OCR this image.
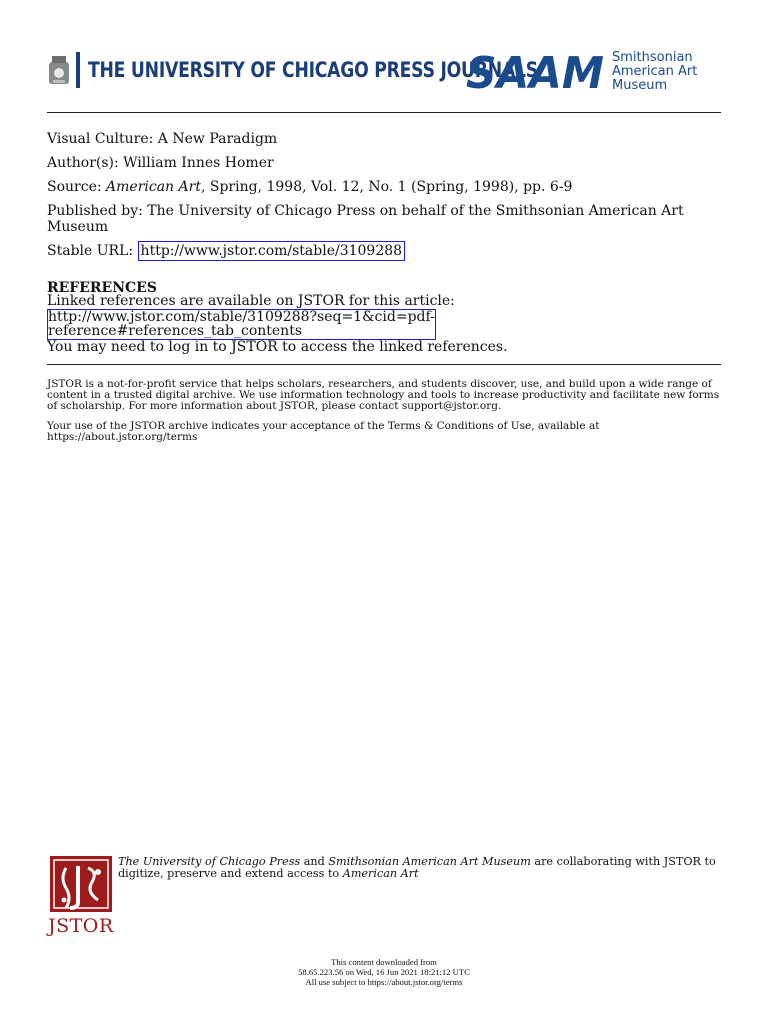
THE UNIVERSITY OF CHICAGO PRESS JOURNALS
SAAM Smithsonian
American Art
Museum
Visual Culture: A New Paradigm
Author(s): William Innes Homer
Source: American Art, Spring, 1998, Vol. 12, No. 1 (Spring, 1998), pp. 6-9
Published by: The University of Chicago Press on behalf of the Smithsonian American Art Museum
Stable URL: http://www.jstor.com/stable/3109288
REFERENCES
Linked references are available on JSTOR for this article:
http://www.jstor.com/stable/3109288?seq=1&cid=pdf-
reference#references_tab_contents
You may need to log in to JSTOR to access the linked references.
JSTOR is a not-for-profit service that helps scholars, researchers, and students discover, use, and build upon a wide range of content in a trusted digital archive. We use information technology and tools to increase productivity and facilitate new forms of scholarship. For more information about JSTOR, please contact support@jstor.org.
Your use of the JSTOR archive indicates your acceptance of the Terms & Conditions of Use, available at https://about.jstor.org/terms
JSTOR
The University of Chicago Press and Smithsonian American Art Museum are collaborating with JSTOR to digitize, preserve and extend access to American Art
This content downloaded from
58.65.223.56 on Wed, 16 Jun 2021 18:21:12 UTC
All use subject to https://about.jstor.org/terms
